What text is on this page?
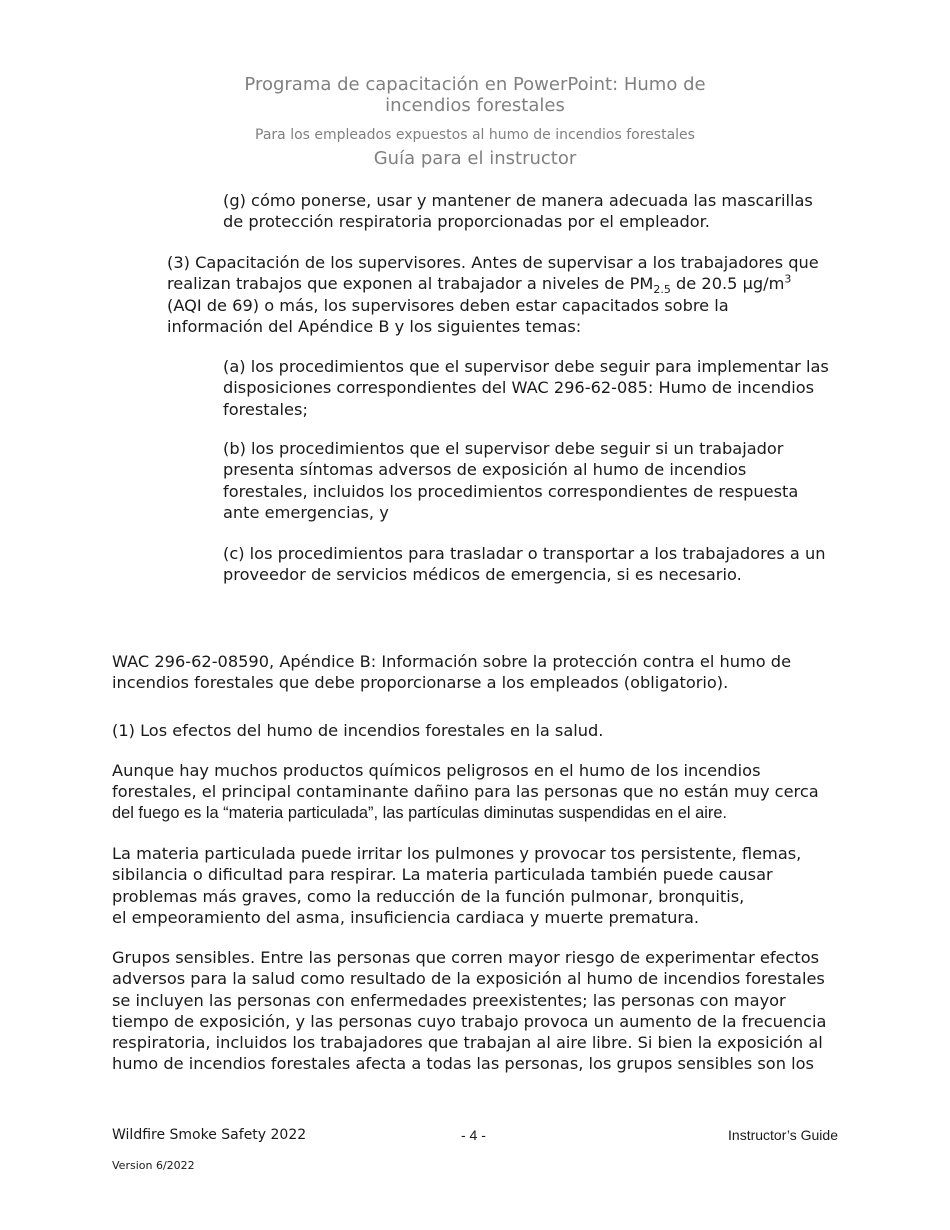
Programa de capacitación en PowerPoint: Humo de
incendios forestales
Para los empleados expuestos al humo de incendios forestales
Guía para el instructor
(g) cómo ponerse, usar y mantener de manera adecuada las mascarillas
de protección respiratoria proporcionadas por el empleador.
(3) Capacitación de los supervisores. Antes de supervisar a los trabajadores que
realizan trabajos que exponen al trabajador a niveles de $PM_{2.5}$ de 20.5 $\mu g/m^3$
(AQI de 69) o más, los supervisores deben estar capacitados sobre la
información del Apéndice B y los siguientes temas:
(a) los procedimientos que el supervisor debe seguir para implementar las
disposiciones correspondientes del WAC 296-62-085: Humo de incendios
forestales;
(b) los procedimientos que el supervisor debe seguir si un trabajador
presenta síntomas adversos de exposición al humo de incendios
forestales, incluidos los procedimientos correspondientes de respuesta
ante emergencias, y
(c) los procedimientos para trasladar o transportar a los trabajadores a un
proveedor de servicios médicos de emergencia, si es necesario.
WAC 296-62-08590, Apéndice B: Información sobre la protección contra el humo de
incendios forestales que debe proporcionarse a los empleados (obligatorio).
(1) Los efectos del humo de incendios forestales en la salud.
Aunque hay muchos productos químicos peligrosos en el humo de los incendios
forestales, el principal contaminante dañino para las personas que no están muy cerca
del fuego es la “materia particulada”, las partículas diminutas suspendidas en el aire.
La materia particulada puede irritar los pulmones y provocar tos persistente, flemas,
sibilancia o dificultad para respirar. La materia particulada también puede causar
problemas más graves, como la reducción de la función pulmonar, bronquitis,
el empeoramiento del asma, insuficiencia cardiaca y muerte prematura.
Grupos sensibles. Entre las personas que corren mayor riesgo de experimentar efectos
adversos para la salud como resultado de la exposición al humo de incendios forestales
se incluyen las personas con enfermedades preexistentes; las personas con mayor
tiempo de exposición, y las personas cuyo trabajo provoca un aumento de la frecuencia
respiratoria, incluidos los trabajadores que trabajan al aire libre. Si bien la exposición al
humo de incendios forestales afecta a todas las personas, los grupos sensibles son los
Wildfire Smoke Safety 2022	- 4 -	Instructor’s Guide
Version 6/2022
